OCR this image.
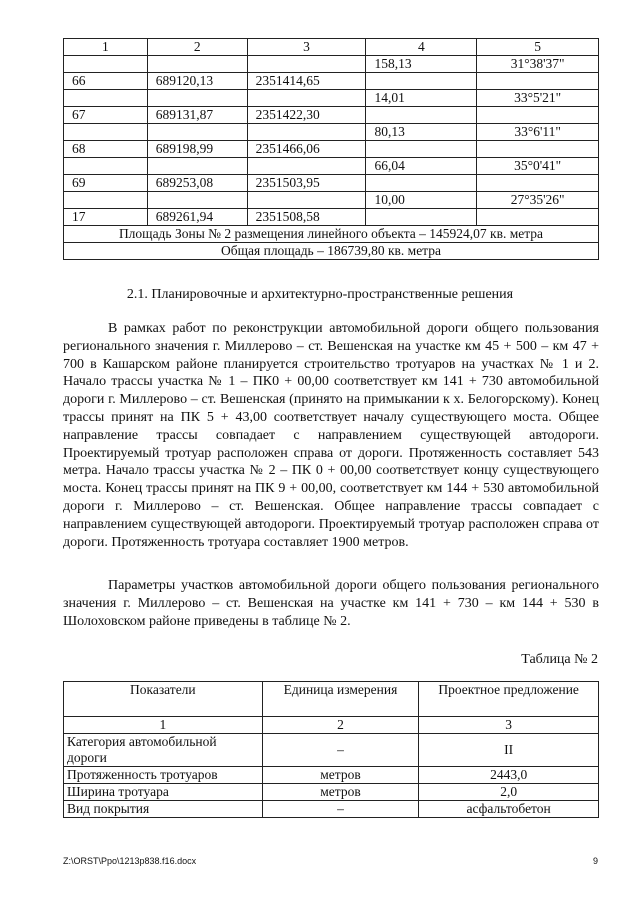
1	2	3	4	5
			158,13	31°38'37"
66	689120,13	2351414,65		
			14,01	33°5'21"
67	689131,87	2351422,30		
			80,13	33°6'11"
68	689198,99	2351466,06		
			66,04	35°0'41"
69	689253,08	2351503,95		
			10,00	27°35'26"
17	689261,94	2351508,58		
Площадь Зоны № 2 размещения линейного объекта – 145924,07 кв. метра				
Общая площадь – 186739,80 кв. метра				
2.1. Планировочные и архитектурно-пространственные решения

В рамках работ по реконструкции автомобильной дороги общего пользования регионального значения г. Миллерово – ст. Вешенская на участке км 45 + 500 – км 47 + 700 в Кашарском районе планируется строительство тротуаров на участках № 1 и 2. Начало трассы участка № 1 – ПК0 + 00,00 соответствует км 141 + 730 автомобильной дороги г. Миллерово – ст. Вешенская (принято на примыкании к х. Белогорскому). Конец трассы принят на ПК 5 + 43,00 соответствует началу существующего моста. Общее направление трассы совпадает с направлением существующей автодороги. Проектируемый тротуар расположен справа от дороги. Протяженность составляет 543 метра. Начало трассы участка № 2 – ПК 0 + 00,00 соответствует концу существующего моста. Конец трассы принят на ПК 9 + 00,00, соответствует км 144 + 530 автомобильной дороги г. Миллерово – ст. Вешенская. Общее направление трассы совпадает с направлением существующей автодороги. Проектируемый тротуар расположен справа от дороги. Протяженность тротуара составляет 1900 метров.

Параметры участков автомобильной дороги общего пользования регионального значения г. Миллерово – ст. Вешенская на участке км 141 + 730 – км 144 + 530 в Шолоховском районе приведены в таблице № 2.

Таблица № 2
Показатели	Единица измерения	Проектное предложение
1	2	3
Категория автомобильной дороги	–	II
Протяженность тротуаров	метров	2443,0
Ширина тротуара	метров	2,0
Вид покрытия	–	асфальтобетон
Z:\ORST\Ppo\1213p838.f16.docx	9
